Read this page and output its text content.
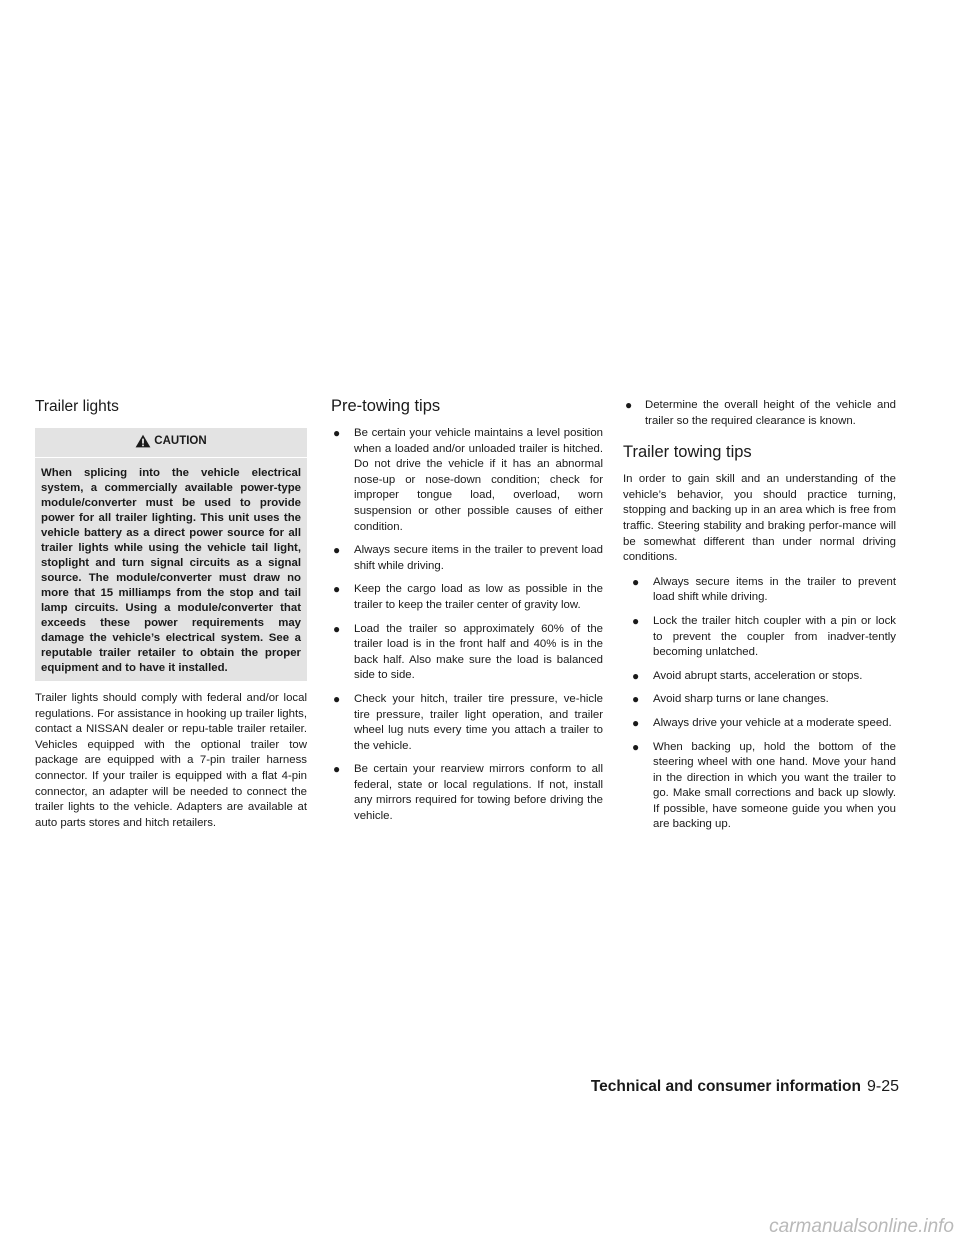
Trailer lights
CAUTION
When splicing into the vehicle electrical system, a commercially available power-type module/converter must be used to provide power for all trailer lighting. This unit uses the vehicle battery as a direct power source for all trailer lights while using the vehicle tail light, stoplight and turn signal circuits as a signal source. The module/converter must draw no more that 15 milliamps from the stop and tail lamp circuits. Using a module/converter that exceeds these power requirements may damage the vehicle’s electrical system. See a reputable trailer retailer to obtain the proper equipment and to have it installed.

Trailer lights should comply with federal and/or local regulations. For assistance in hooking up trailer lights, contact a NISSAN dealer or repu-table trailer retailer. Vehicles equipped with the optional trailer tow package are equipped with a 7-pin trailer harness connector. If your trailer is equipped with a flat 4-pin connector, an adapter will be needed to connect the trailer lights to the vehicle. Adapters are available at auto parts stores and hitch retailers.

Pre-towing tips
● Be certain your vehicle maintains a level position when a loaded and/or unloaded trailer is hitched. Do not drive the vehicle if it has an abnormal nose-up or nose-down condition; check for improper tongue load, overload, worn suspension or other possible causes of either condition.
● Always secure items in the trailer to prevent load shift while driving.
● Keep the cargo load as low as possible in the trailer to keep the trailer center of gravity low.
● Load the trailer so approximately 60% of the trailer load is in the front half and 40% is in the back half. Also make sure the load is balanced side to side.
● Check your hitch, trailer tire pressure, ve-hicle tire pressure, trailer light operation, and trailer wheel lug nuts every time you attach a trailer to the vehicle.
● Be certain your rearview mirrors conform to all federal, state or local regulations. If not, install any mirrors required for towing before driving the vehicle.
● Determine the overall height of the vehicle and trailer so the required clearance is known.
Trailer towing tips

In order to gain skill and an understanding of the vehicle’s behavior, you should practice turning, stopping and backing up in an area which is free from traffic. Steering stability and braking perfor-mance will be somewhat different than under normal driving conditions.

● Always secure items in the trailer to prevent load shift while driving.
● Lock the trailer hitch coupler with a pin or lock to prevent the coupler from inadver-tently becoming unlatched.
● Avoid abrupt starts, acceleration or stops.
● Avoid sharp turns or lane changes.
● Always drive your vehicle at a moderate speed.
● When backing up, hold the bottom of the steering wheel with one hand. Move your hand in the direction in which you want the trailer to go. Make small corrections and back up slowly. If possible, have someone guide you when you are backing up.
Technical and consumer information 9-25
carmanualsonline.info
